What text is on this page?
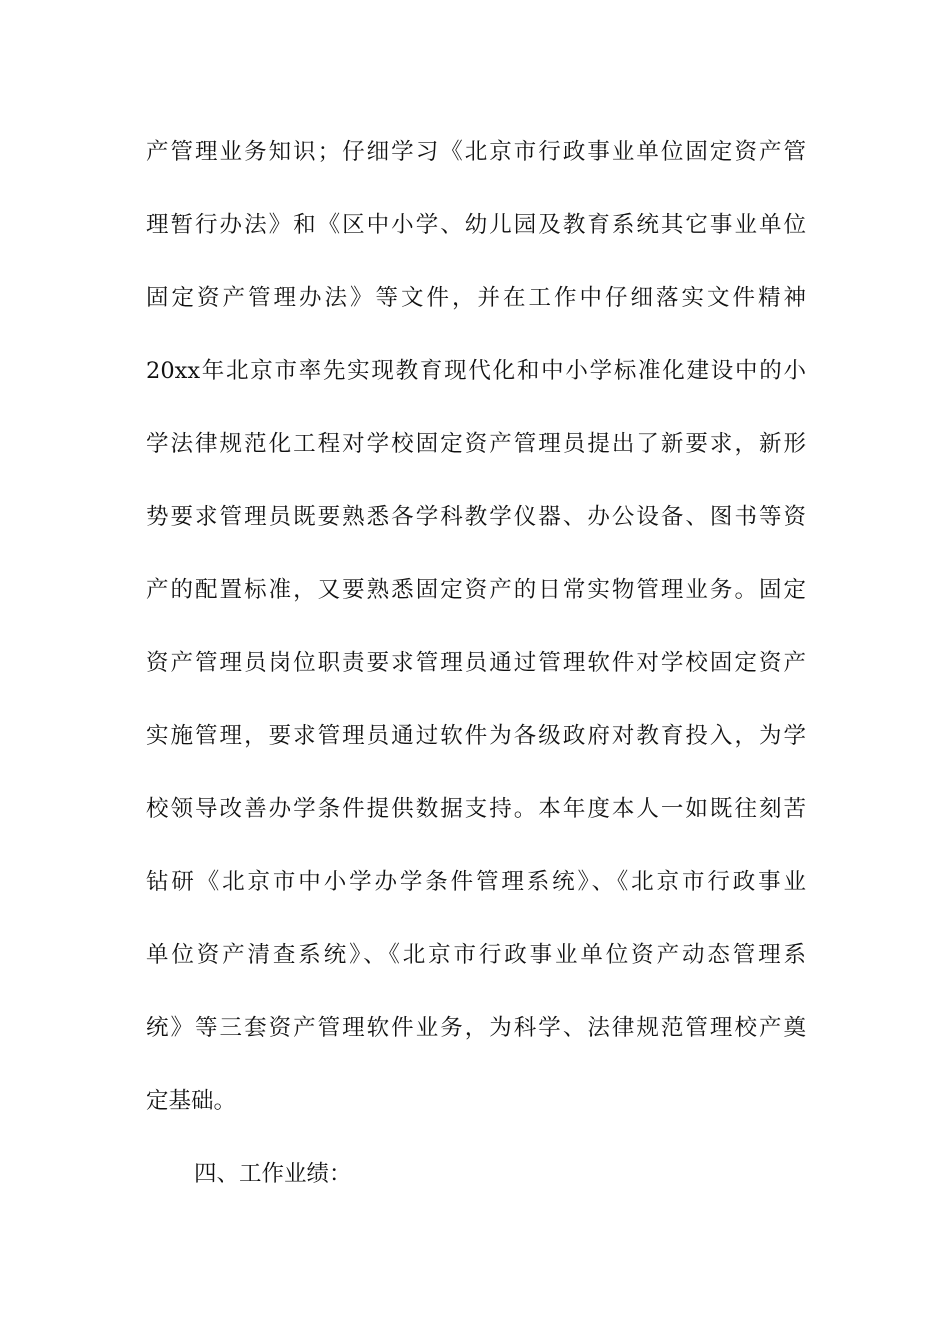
产管理业务知识；仔细学习《北京市行政事业单位固定资产管
理暂行办法》和《区中小学、幼儿园及教育系统其它事业单位
固定资产管理办法》等文件，并在工作中仔细落实文件精神
20xx年北京市率先实现教育现代化和中小学标准化建设中的小
学法律规范化工程对学校固定资产管理员提出了新要求，新形
势要求管理员既要熟悉各学科教学仪器、办公设备、图书等资
产的配置标准，又要熟悉固定资产的日常实物管理业务。固定
资产管理员岗位职责要求管理员通过管理软件对学校固定资产
实施管理，要求管理员通过软件为各级政府对教育投入，为学
校领导改善办学条件提供数据支持。本年度本人一如既往刻苦
钻研《北京市中小学办学条件管理系统》、《北京市行政事业
单位资产清查系统》、《北京市行政事业单位资产动态管理系
统》等三套资产管理软件业务，为科学、法律规范管理校产奠
定基础。
四、工作业绩：
